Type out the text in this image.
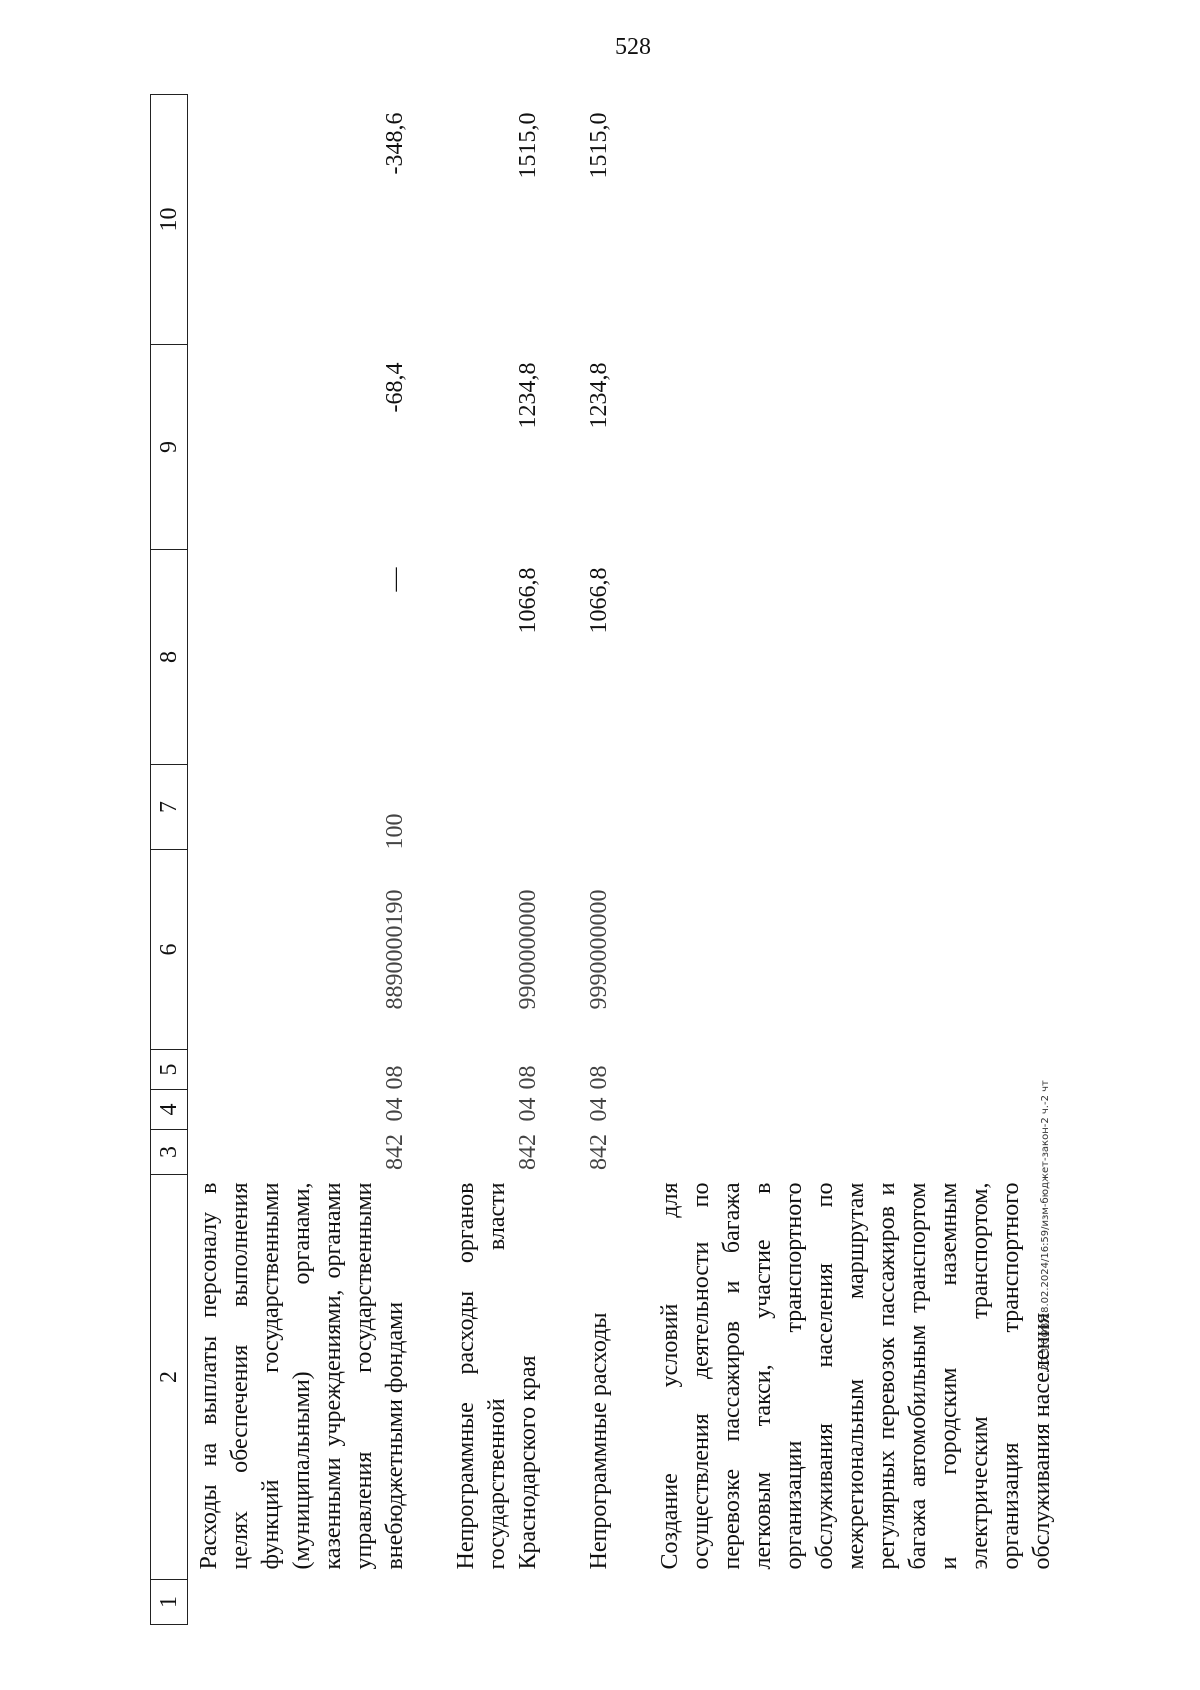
528
1	2	3	4	5	6	7	8	9	10
	Расходы на выплаты персоналу в целях обеспечения выполнения функций государственными (муниципальными) органами, казенными учреждениями, органами управления государственными внебюджетными фондами	842	04	08	8890000190	100	—	-68,4	-348,6

	Непрограммные расходы органов государственной власти Краснодарского края	842	04	08	9900000000		1066,8	1234,8	1515,0

	Непрограммные расходы	842	04	08	9990000000		1066,8	1234,8	1515,0

	Создание условий для осуществления деятельности по перевозке пассажиров и багажа легковым такси, участие в организации транспортного обслуживания населения по межрегиональным маршрутам регулярных перевозок пассажиров и багажа автомобильным транспортом и городским наземным электрическим транспортом, организация транспортного обслуживания населения								
20.3/СОВ/28.02.2024/16:59/изм-бюджет-закон-2 ч.-2 чт
